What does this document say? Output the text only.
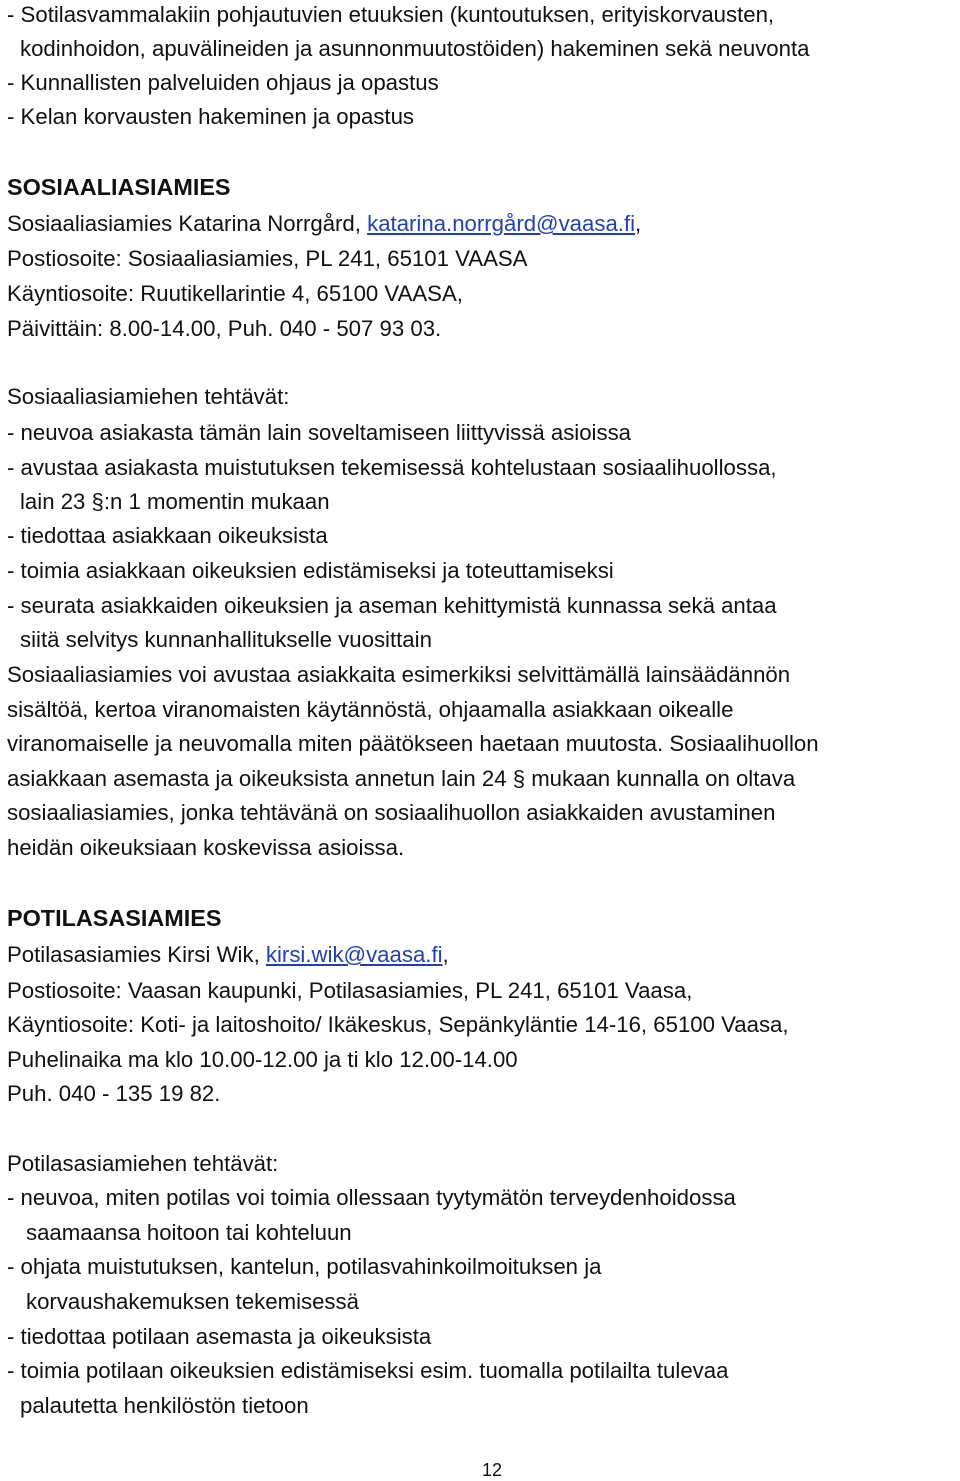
- Sotilasvammalakiin pohjautuvien etuuksien (kuntoutuksen, erityiskorvausten,
kodinhoidon, apuvälineiden ja asunnonmuutostöiden) hakeminen sekä neuvonta
- Kunnallisten palveluiden ohjaus ja opastus
- Kelan korvausten hakeminen ja opastus
SOSIAALIASIAMIES
Sosiaaliasiamies Katarina Norrgård, katarina.norrgård@vaasa.fi,
Postiosoite: Sosiaaliasiamies, PL 241, 65101 VAASA
Käyntiosoite: Ruutikellarintie 4, 65100 VAASA,
Päivittäin: 8.00-14.00, Puh. 040 - 507 93 03.
Sosiaaliasiamiehen tehtävät:
- neuvoa asiakasta tämän lain soveltamiseen liittyvissä asioissa
- avustaa asiakasta muistutuksen tekemisessä kohtelustaan sosiaalihuollossa,
lain 23 §:n 1 momentin mukaan
- tiedottaa asiakkaan oikeuksista
- toimia asiakkaan oikeuksien edistämiseksi ja toteuttamiseksi
- seurata asiakkaiden oikeuksien ja aseman kehittymistä kunnassa sekä antaa
siitä selvitys kunnanhallitukselle vuosittain
Sosiaaliasiamies voi avustaa asiakkaita esimerkiksi selvittämällä lainsäädännön
sisältöä, kertoa viranomaisten käytännöstä, ohjaamalla asiakkaan oikealle
viranomaiselle ja neuvomalla miten päätökseen haetaan muutosta. Sosiaalihuollon
asiakkaan asemasta ja oikeuksista annetun lain 24 § mukaan kunnalla on oltava
sosiaaliasiamies, jonka tehtävänä on sosiaalihuollon asiakkaiden avustaminen
heidän oikeuksiaan koskevissa asioissa.
POTILASASIAMIES
Potilasasiamies Kirsi Wik, kirsi.wik@vaasa.fi,
Postiosoite: Vaasan kaupunki, Potilasasiamies, PL 241, 65101 Vaasa,
Käyntiosoite: Koti- ja laitoshoito/ Ikäkeskus, Sepänkyläntie 14-16, 65100 Vaasa,
Puhelinaika ma klo 10.00-12.00 ja ti klo 12.00-14.00
Puh. 040 - 135 19 82.
Potilasasiamiehen tehtävät:
- neuvoa, miten potilas voi toimia ollessaan tyytymätön terveydenhoidossa
saamaansa hoitoon tai kohteluun
- ohjata muistutuksen, kantelun, potilasvahinkoilmoituksen ja
korvaushakemuksen tekemisessä
- tiedottaa potilaan asemasta ja oikeuksista
- toimia potilaan oikeuksien edistämiseksi esim. tuomalla potilailta tulevaa
palautetta henkilöstön tietoon
12
